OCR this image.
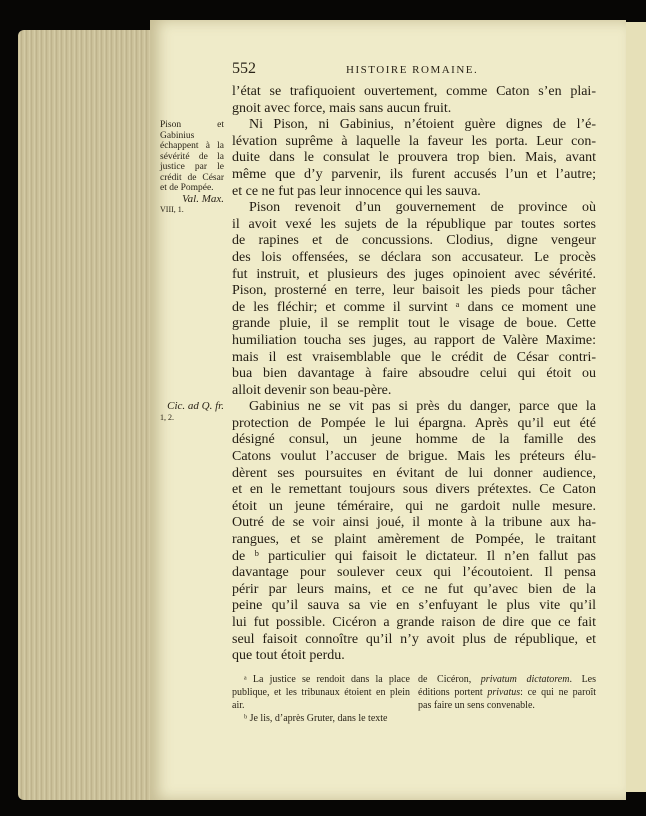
552	HISTOIRE ROMAINE.
l’état se trafiquoient ouvertement, comme Caton s’en plai-
gnoit avec force, mais sans aucun fruit.
Ni Pison, ni Gabinius, n’étoient guère dignes de l’é-
lévation suprême à laquelle la faveur les porta. Leur con-
duite dans le consulat le prouvera trop bien. Mais, avant
même que d’y parvenir, ils furent accusés l’un et l’autre;
et ce ne fut pas leur innocence qui les sauva.
Pison revenoit d’un gouvernement de province où
il avoit vexé les sujets de la république par toutes sortes
de rapines et de concussions. Clodius, digne vengeur
des lois offensées, se déclara son accusateur. Le procès
fut instruit, et plusieurs des juges opinoient avec sévérité.
Pison, prosterné en terre, leur baisoit les pieds pour tâcher
de les fléchir; et comme il survint ᵃ dans ce moment une
grande pluie, il se remplit tout le visage de boue. Cette
humiliation toucha ses juges, au rapport de Valère Maxime:
mais il est vraisemblable que le crédit de César contri-
bua bien davantage à faire absoudre celui qui étoit ou
alloit devenir son beau-père.
Gabinius ne se vit pas si près du danger, parce que la
protection de Pompée le lui épargna. Après qu’il eut été
désigné consul, un jeune homme de la famille des
Catons voulut l’accuser de brigue. Mais les préteurs élu-
dèrent ses poursuites en évitant de lui donner audience,
et en le remettant toujours sous divers prétextes. Ce Caton
étoit un jeune téméraire, qui ne gardoit nulle mesure.
Outré de se voir ainsi joué, il monte à la tribune aux ha-
rangues, et se plaint amèrement de Pompée, le traitant
de ᵇ particulier qui faisoit le dictateur. Il n’en fallut pas
davantage pour soulever ceux qui l’écoutoient. Il pensa
périr par leurs mains, et ce ne fut qu’avec bien de la
peine qu’il sauva sa vie en s’enfuyant le plus vite qu’il
lui fut possible. Cicéron a grande raison de dire que ce fait
seul faisoit connoître qu’il n’y avoit plus de république, et
que tout étoit perdu.
Pison et Gabinius échappent à la sévérité de la justice par le crédit de César et de Pompée.
Val. Max.
VIII, 1.
Cic. ad Q. fr.
1, 2.

ᵃ La justice se rendoit dans la place publique, et les tribunaux étoient en plein air.

ᵇ Je lis, d’après Gruter, dans le texte

de Cicéron, privatum dictatorem. Les éditions portent privatus: ce qui ne paroît pas faire un sens convenable.
